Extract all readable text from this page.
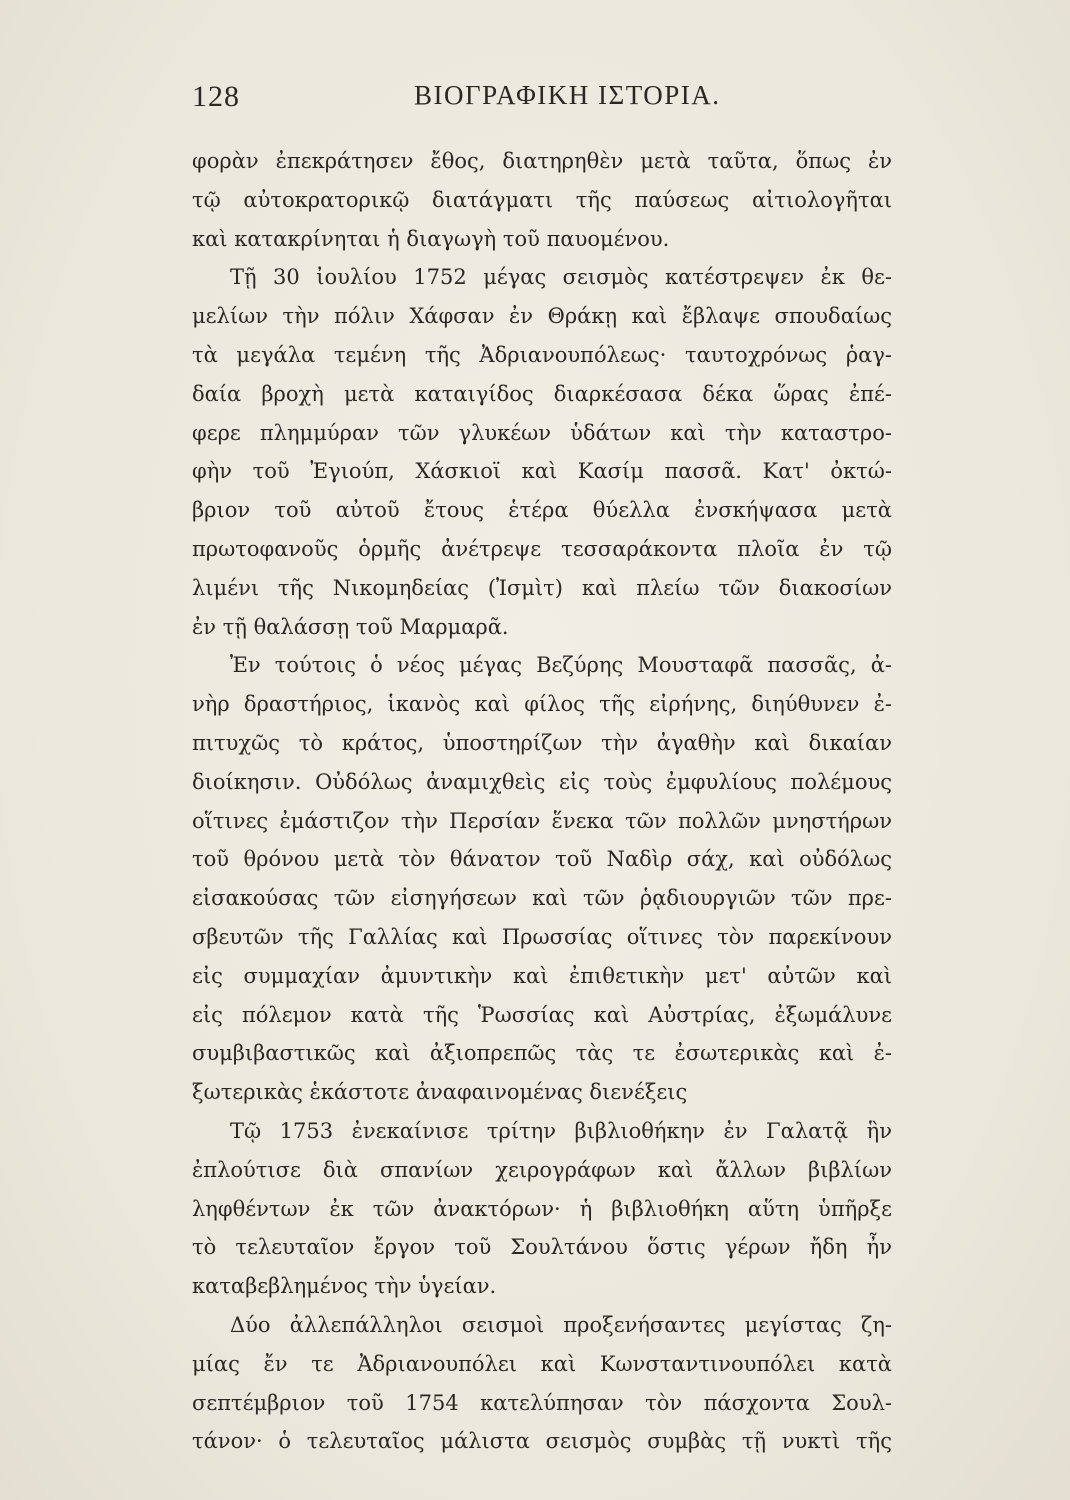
128	ΒΙΟΓΡΑΦΙΚΗ ΙΣΤΟΡΙΑ.
φορὰν ἐπεκράτησεν ἔθος, διατηρηθὲν μετὰ ταῦτα, ὅπως ἐν
τῷ αὐτοκρατορικῷ διατάγματι τῆς παύσεως αἰτιολογῆται
καὶ κατακρίνηται ἡ διαγωγὴ τοῦ παυομένου.
Τῇ 30 ἰουλίου 1752 μέγας σεισμὸς κατέστρεψεν ἐκ θε-
μελίων τὴν πόλιν Χάφσαν ἐν Θράκῃ καὶ ἔβλαψε σπουδαίως
τὰ μεγάλα τεμένη τῆς Ἀδριανουπόλεως· ταυτοχρόνως ῥαγ-
δαία βροχὴ μετὰ καταιγίδος διαρκέσασα δέκα ὥρας ἐπέ-
φερε πλημμύραν τῶν γλυκέων ὑδάτων καὶ τὴν καταστρο-
φὴν τοῦ Ἐγιούπ, Χάσκιοϊ καὶ Κασίμ πασσᾶ. Κατ' ὀκτώ-
βριον τοῦ αὐτοῦ ἔτους ἑτέρα θύελλα ἐνσκήψασα μετὰ
πρωτοφανοῦς ὁρμῆς ἀνέτρεψε τεσσαράκοντα πλοῖα ἐν τῷ
λιμένι τῆς Νικομηδείας (Ἰσμὶτ) καὶ πλείω τῶν διακοσίων
ἐν τῇ θαλάσσῃ τοῦ Μαρμαρᾶ.
Ἐν τούτοις ὁ νέος μέγας Βεζύρης Μουσταφᾶ πασσᾶς, ἀ-
νὴρ δραστήριος, ἱκανὸς καὶ φίλος τῆς εἰρήνης, διηύθυνεν ἐ-
πιτυχῶς τὸ κράτος, ὑποστηρίζων τὴν ἀγαθὴν καὶ δικαίαν
διοίκησιν. Οὐδόλως ἀναμιχθεὶς εἰς τοὺς ἐμφυλίους πολέμους
οἵτινες ἐμάστιζον τὴν Περσίαν ἕνεκα τῶν πολλῶν μνηστήρων
τοῦ θρόνου μετὰ τὸν θάνατον τοῦ Ναδὶρ σάχ, καὶ οὐδόλως
εἰσακούσας τῶν εἰσηγήσεων καὶ τῶν ῥᾳδιουργιῶν τῶν πρε-
σβευτῶν τῆς Γαλλίας καὶ Πρωσσίας οἵτινες τὸν παρεκίνουν
εἰς συμμαχίαν ἀμυντικὴν καὶ ἐπιθετικὴν μετ' αὐτῶν καὶ
εἰς πόλεμον κατὰ τῆς Ῥωσσίας καὶ Αὐστρίας, ἐξωμάλυνε
συμβιβαστικῶς καὶ ἀξιοπρεπῶς τὰς τε ἐσωτερικὰς καὶ ἐ-
ξωτερικὰς ἑκάστοτε ἀναφαινομένας διενέξεις
Τῷ 1753 ἐνεκαίνισε τρίτην βιβλιοθήκην ἐν Γαλατᾷ ἣν
ἐπλούτισε διὰ σπανίων χειρογράφων καὶ ἄλλων βιβλίων
ληφθέντων ἐκ τῶν ἀνακτόρων· ἡ βιβλιοθήκη αὕτη ὑπῆρξε
τὸ τελευταῖον ἔργον τοῦ Σουλτάνου ὅστις γέρων ἤδη ἦν
καταβεβλημένος τὴν ὑγείαν.
Δύο ἀλλεπάλληλοι σεισμοὶ προξενήσαντες μεγίστας ζη-
μίας ἔν τε Ἀδριανουπόλει καὶ Κωνσταντινουπόλει κατὰ
σεπτέμβριον τοῦ 1754 κατελύπησαν τὸν πάσχοντα Σουλ-
τάνον· ὁ τελευταῖος μάλιστα σεισμὸς συμβὰς τῇ νυκτὶ τῆς
